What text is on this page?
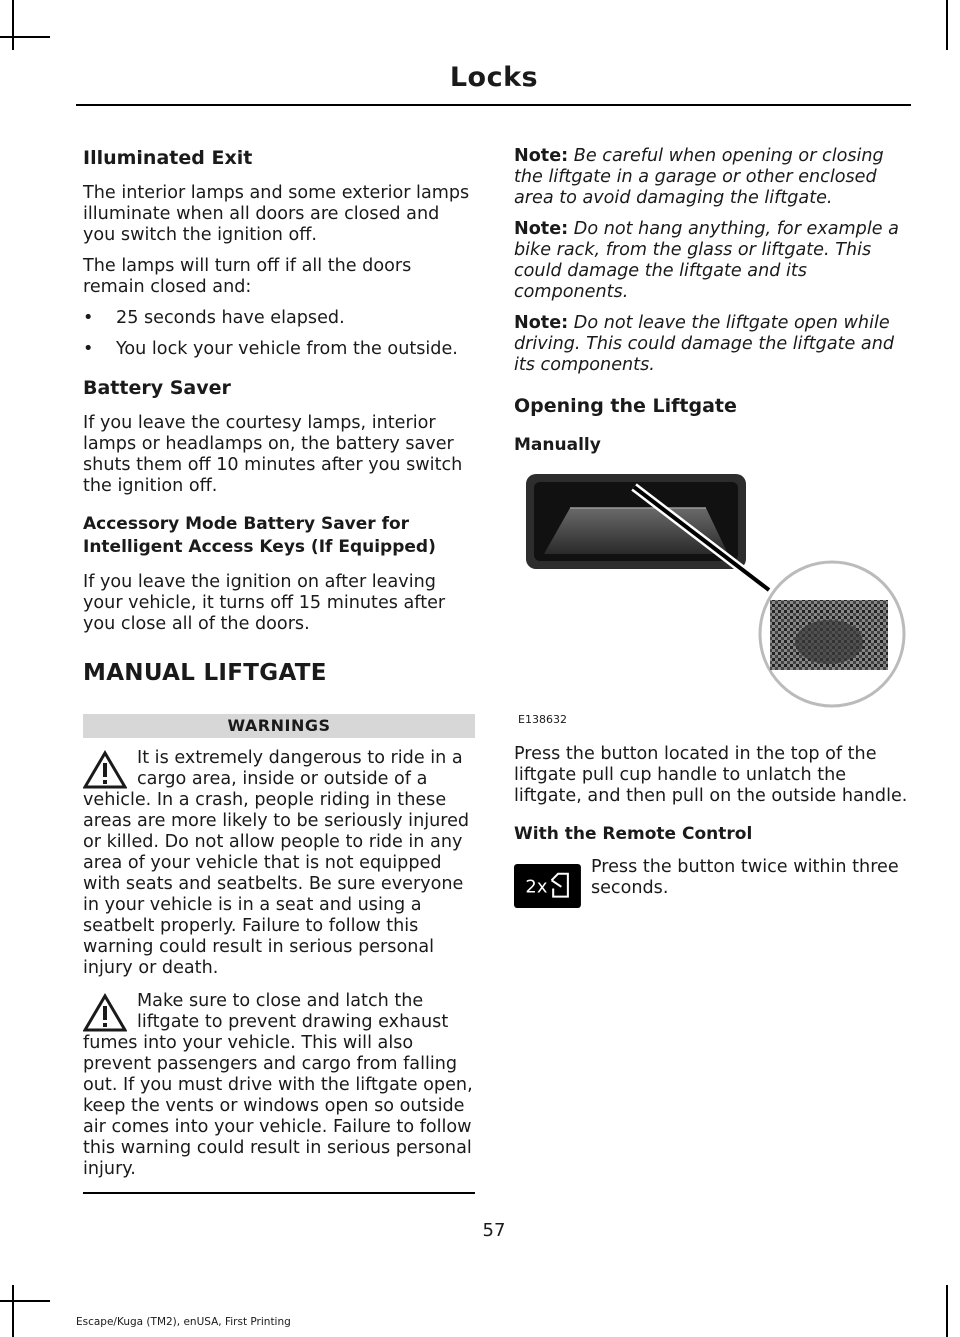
Locks
Illuminated Exit

The interior lamps and some exterior lamps illuminate when all doors are closed and you switch the ignition off.

The lamps will turn off if all the doors remain closed and:

• 25 seconds have elapsed.
• You lock your vehicle from the outside.
Battery Saver

If you leave the courtesy lamps, interior lamps or headlamps on, the battery saver shuts them off 10 minutes after you switch the ignition off.

Accessory Mode Battery Saver for Intelligent Access Keys (If Equipped)

If you leave the ignition on after leaving your vehicle, it turns off 15 minutes after you close all of the doors.

MANUAL LIFTGATE
WARNINGS
It is extremely dangerous to ride in a cargo area, inside or outside of a vehicle. In a crash, people riding in these areas are more likely to be seriously injured or killed. Do not allow people to ride in any area of your vehicle that is not equipped with seats and seatbelts. Be sure everyone in your vehicle is in a seat and using a seatbelt properly. Failure to follow this warning could result in serious personal injury or death.
Make sure to close and latch the liftgate to prevent drawing exhaust fumes into your vehicle. This will also prevent passengers and cargo from falling out. If you must drive with the liftgate open, keep the vents or windows open so outside air comes into your vehicle. Failure to follow this warning could result in serious personal injury.

Note: Be careful when opening or closing the liftgate in a garage or other enclosed area to avoid damaging the liftgate.

Note: Do not hang anything, for example a bike rack, from the glass or liftgate. This could damage the liftgate and its components.

Note: Do not leave the liftgate open while driving. This could damage the liftgate and its components.

Opening the Liftgate
Manually
E138632

Press the button located in the top of the liftgate pull cup handle to unlatch the liftgate, and then pull on the outside handle.

With the Remote Control
2x
Press the button twice within three seconds.
57
Escape/Kuga (TM2), enUSA, First Printing
